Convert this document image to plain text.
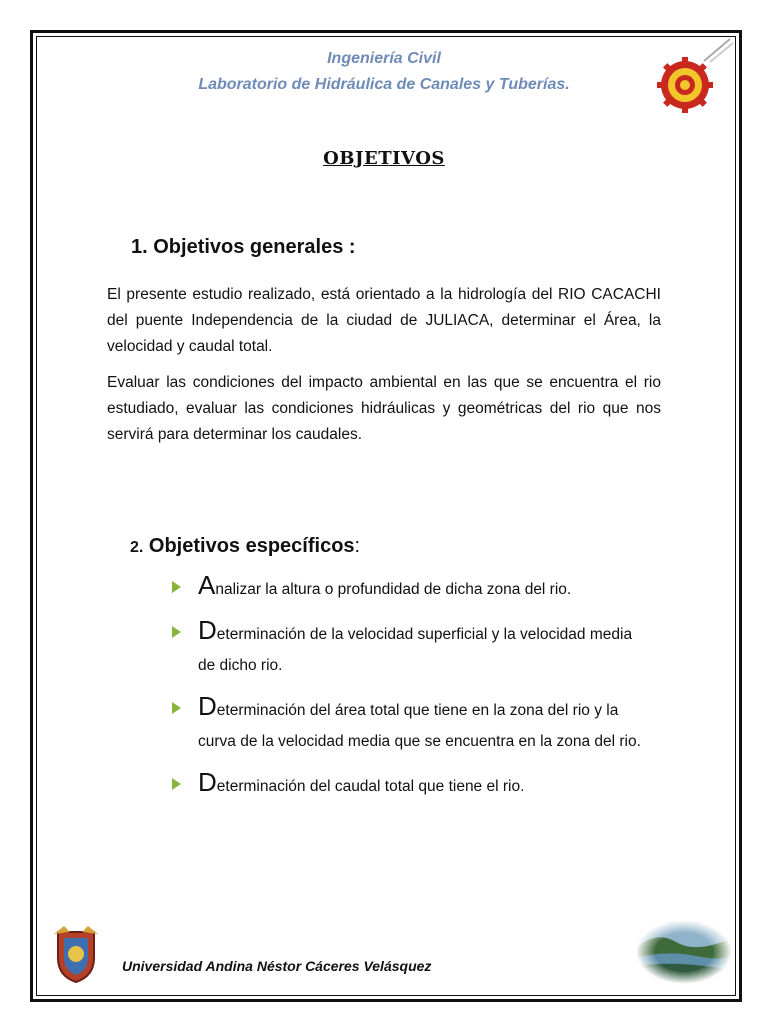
Ingeniería Civil
Laboratorio de Hidráulica de Canales y Tuberías.
OBJETIVOS
1. Objetivos generales :

El presente estudio realizado, está orientado a la hidrología del RIO CACACHI del puente Independencia de la ciudad de JULIACA, determinar el Área, la velocidad y caudal total.

Evaluar las condiciones del impacto ambiental en las que se encuentra el rio estudiado, evaluar las condiciones hidráulicas y geométricas del rio que nos servirá para determinar los caudales.

2. Objetivos específicos:
Analizar la altura o profundidad de dicha zona del rio.
Determinación de la velocidad superficial y la velocidad media de dicho rio.
Determinación del área total que tiene en la zona del rio y la curva de la velocidad media que se encuentra en la zona del rio.
Determinación del caudal total que tiene el rio.
Universidad Andina Néstor Cáceres Velásquez
